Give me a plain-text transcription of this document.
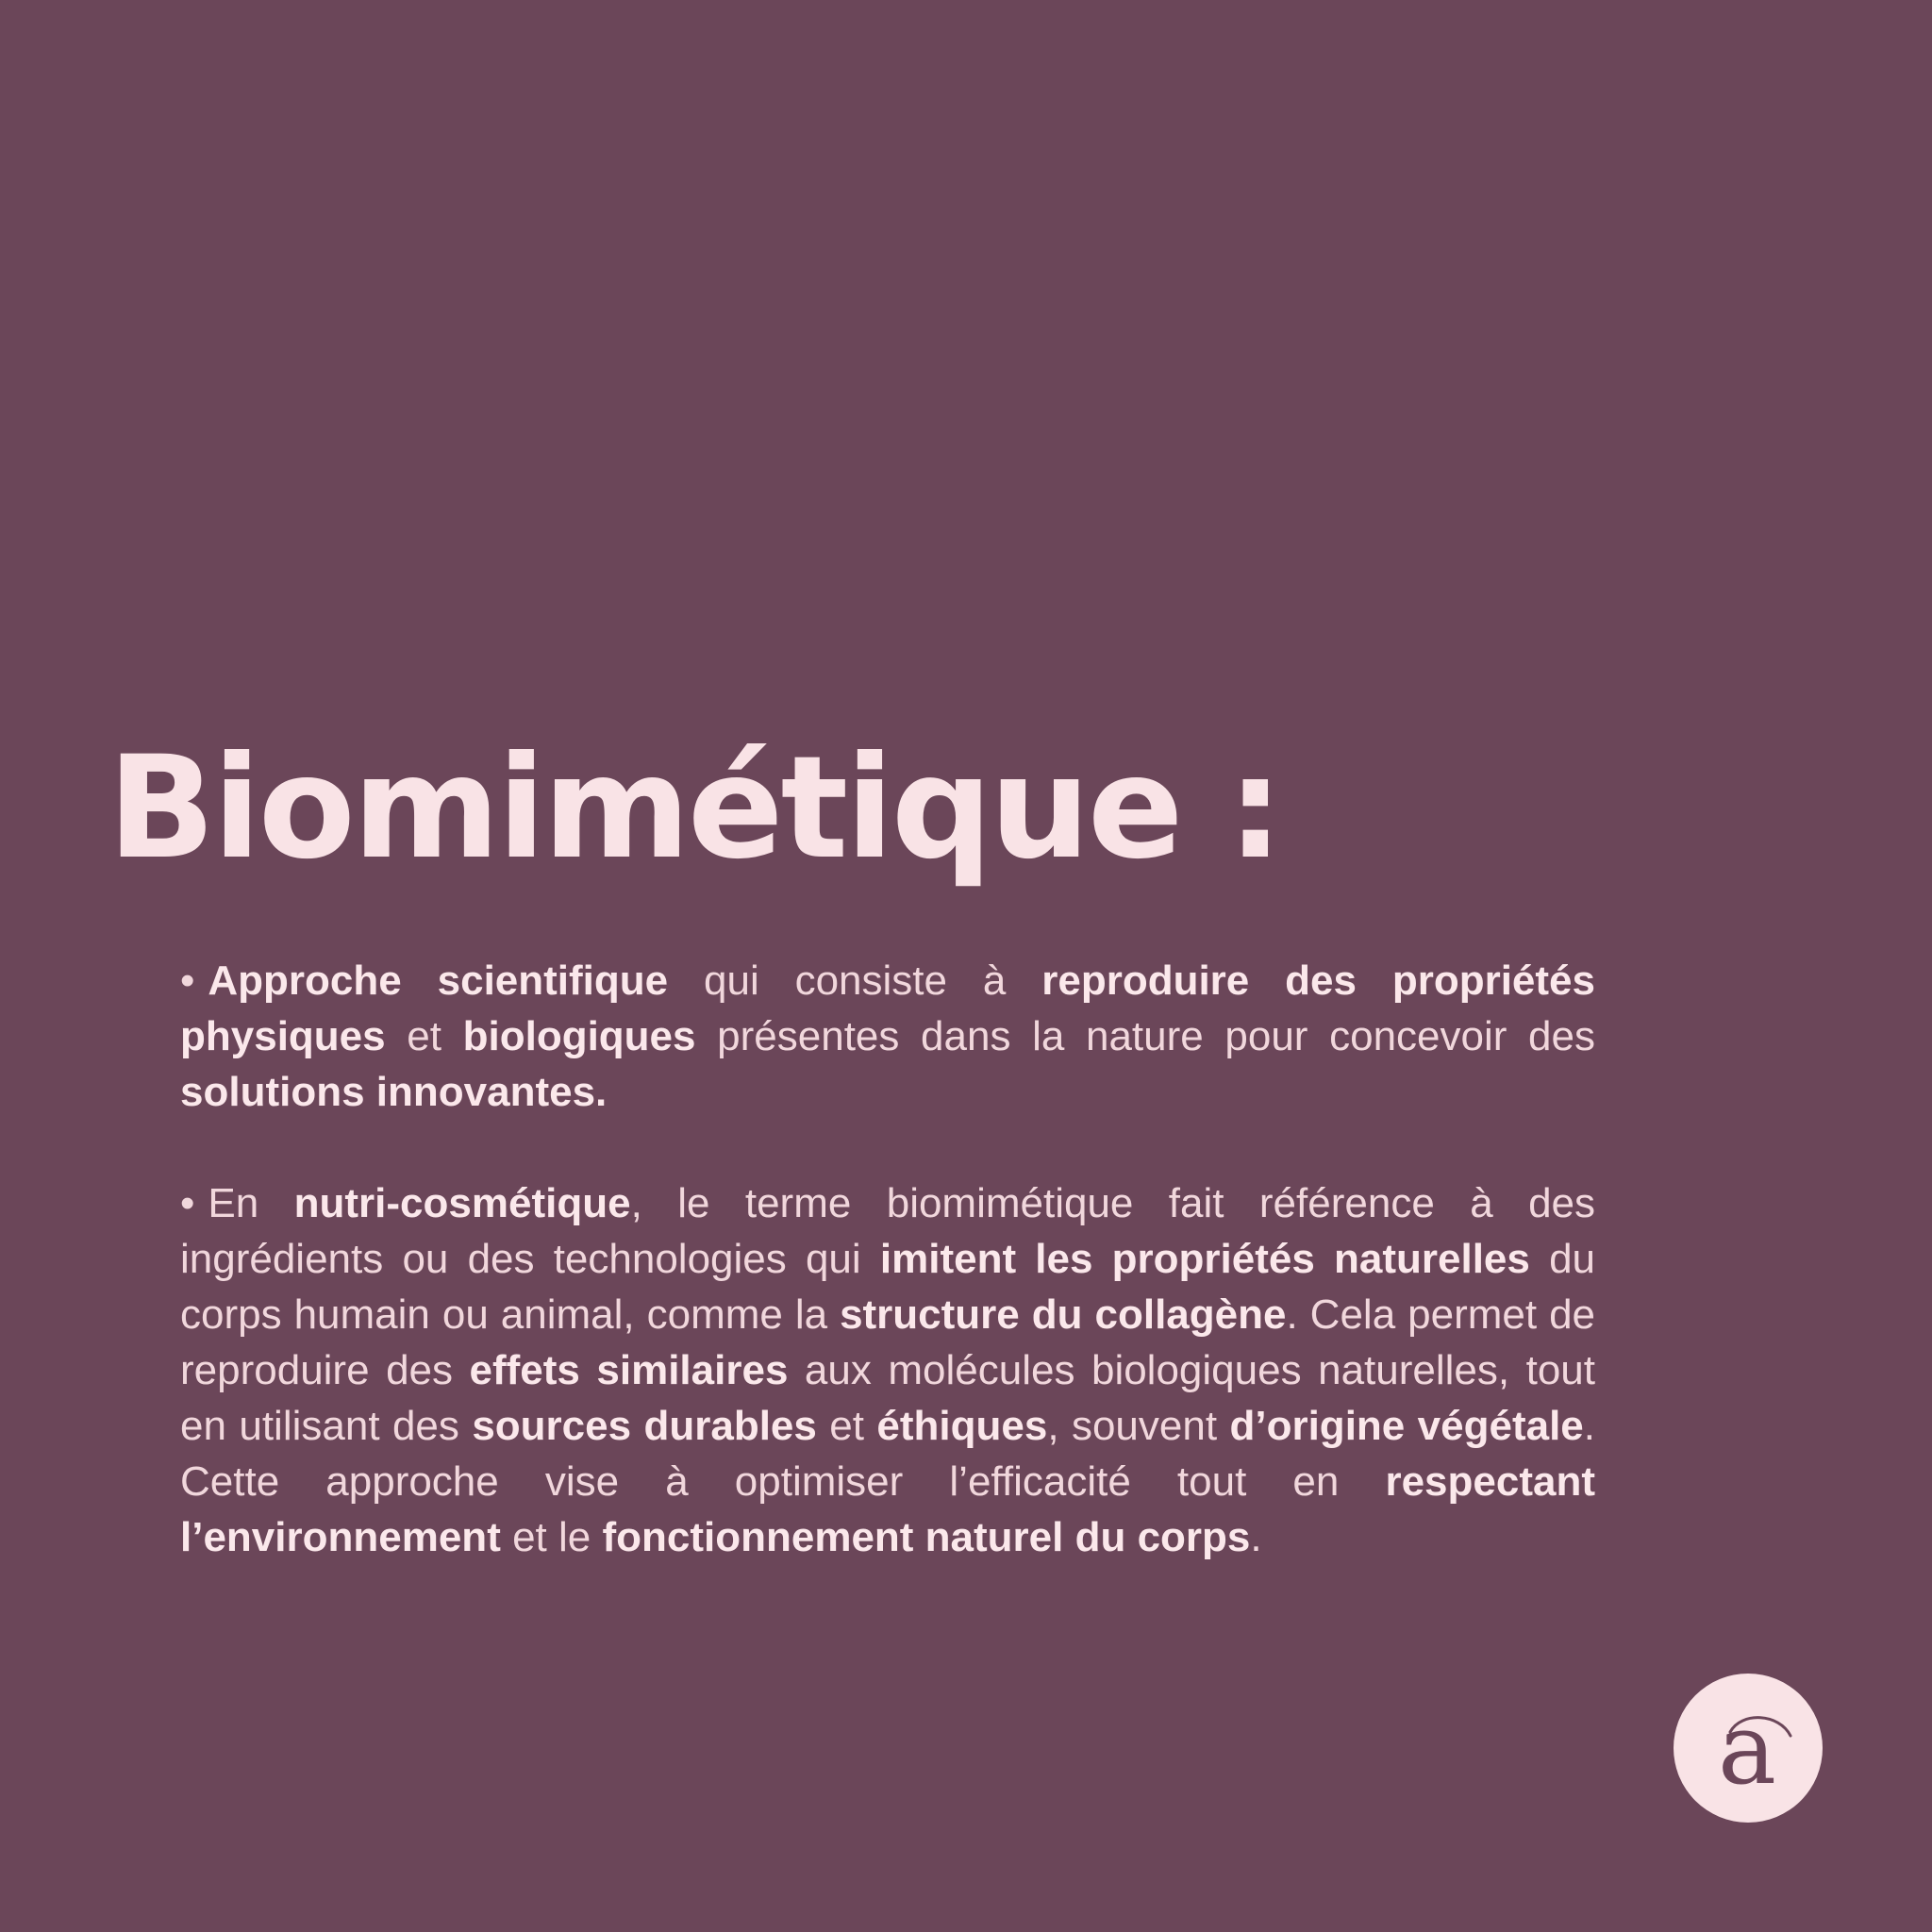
Biomimétique :

• Approche scientifique qui consiste à reproduire des propriétés physiques et biologiques présentes dans la nature pour concevoir des solutions innovantes.

• En nutri-cosmétique, le terme biomimétique fait référence à des ingrédients ou des technologies qui imitent les propriétés naturelles du corps humain ou animal, comme la structure du collagène. Cela permet de reproduire des effets similaires aux molécules biologiques naturelles, tout en utilisant des sources durables et éthiques, souvent d’origine végétale. Cette approche vise à optimiser l’efficacité tout en respectant l’environnement et le fonctionnement naturel du corps.

a
